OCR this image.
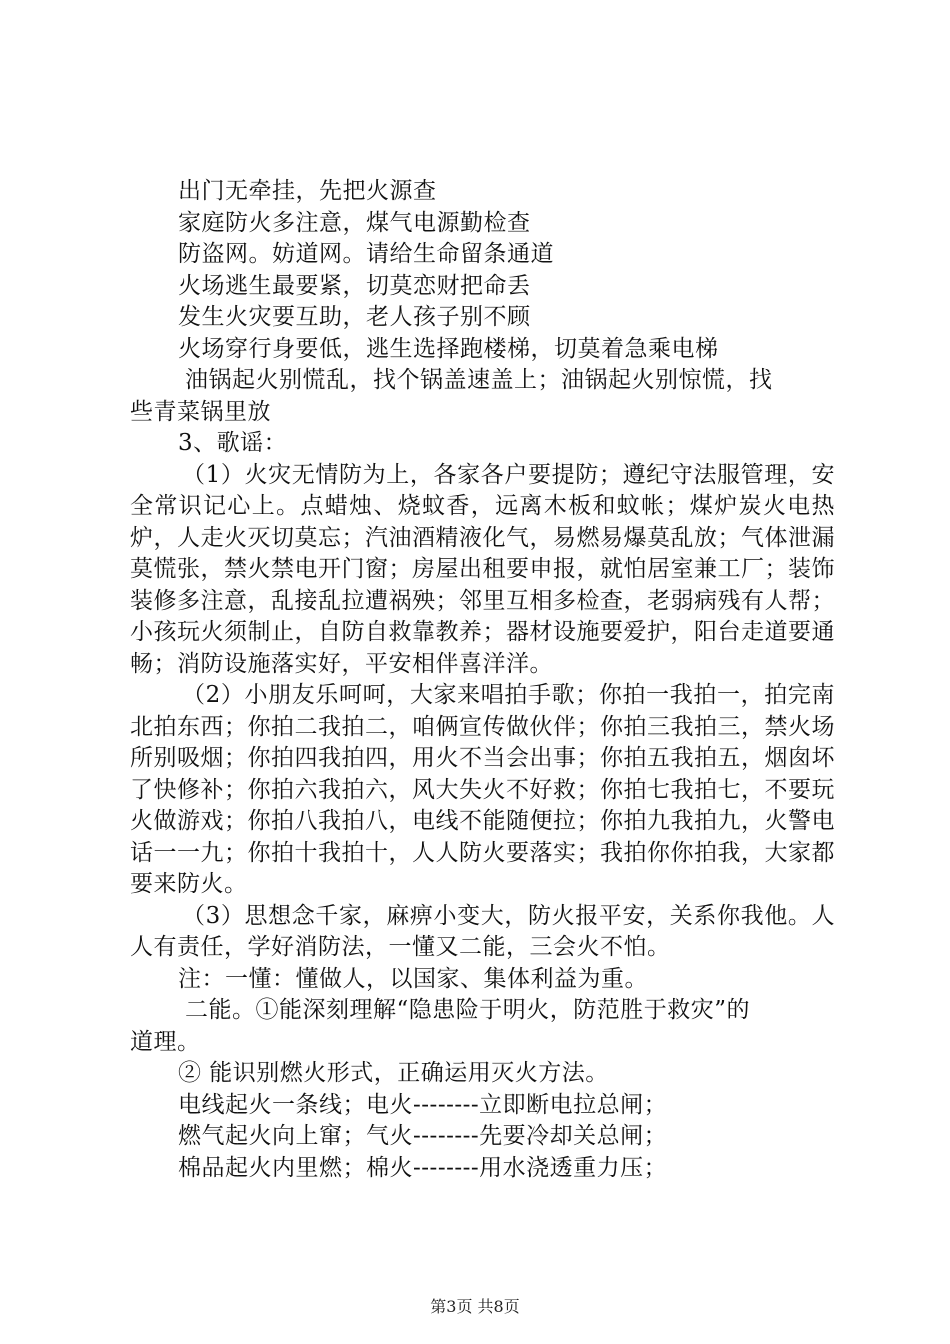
出门无牵挂，先把火源查
家庭防火多注意，煤气电源勤检查
防盗网。妨道网。请给生命留条通道
火场逃生最要紧，切莫恋财把命丢
发生火灾要互助，老人孩子别不顾
火场穿行身要低，逃生选择跑楼梯，切莫着急乘电梯
油锅起火别慌乱，找个锅盖速盖上；油锅起火别惊慌，找
些青菜锅里放
3、歌谣：
（1）火灾无情防为上，各家各户要提防；遵纪守法服管理，安全常识记心上。点蜡烛、烧蚊香，远离木板和蚊帐；煤炉炭火电热炉，人走火灭切莫忘；汽油酒精液化气，易燃易爆莫乱放；气体泄漏莫慌张，禁火禁电开门窗；房屋出租要申报，就怕居室兼工厂；装饰装修多注意，乱接乱拉遭祸殃；邻里互相多检查，老弱病残有人帮；小孩玩火须制止，自防自救靠教养；器材设施要爱护，阳台走道要通畅；消防设施落实好，平安相伴喜洋洋。
（2）小朋友乐呵呵，大家来唱拍手歌；你拍一我拍一，拍完南北拍东西；你拍二我拍二，咱俩宣传做伙伴；你拍三我拍三，禁火场所别吸烟；你拍四我拍四，用火不当会出事；你拍五我拍五，烟囱坏了快修补；你拍六我拍六，风大失火不好救；你拍七我拍七，不要玩火做游戏；你拍八我拍八，电线不能随便拉；你拍九我拍九，火警电话一一九；你拍十我拍十，人人防火要落实；我拍你你拍我，大家都要来防火。
（3）思想念千家，麻痹小变大，防火报平安，关系你我他。人人有责任，学好消防法，一懂又二能，三会火不怕。
注：一懂：懂做人，以国家、集体利益为重。
二能。①能深刻理解“隐患险于明火，防范胜于救灾”的
道理。
② 能识别燃火形式，正确运用灭火方法。
电线起火一条线；电火--------立即断电拉总闸；
燃气起火向上窜；气火--------先要冷却关总闸；
棉品起火内里燃；棉火--------用水浇透重力压；
第3页 共8页
